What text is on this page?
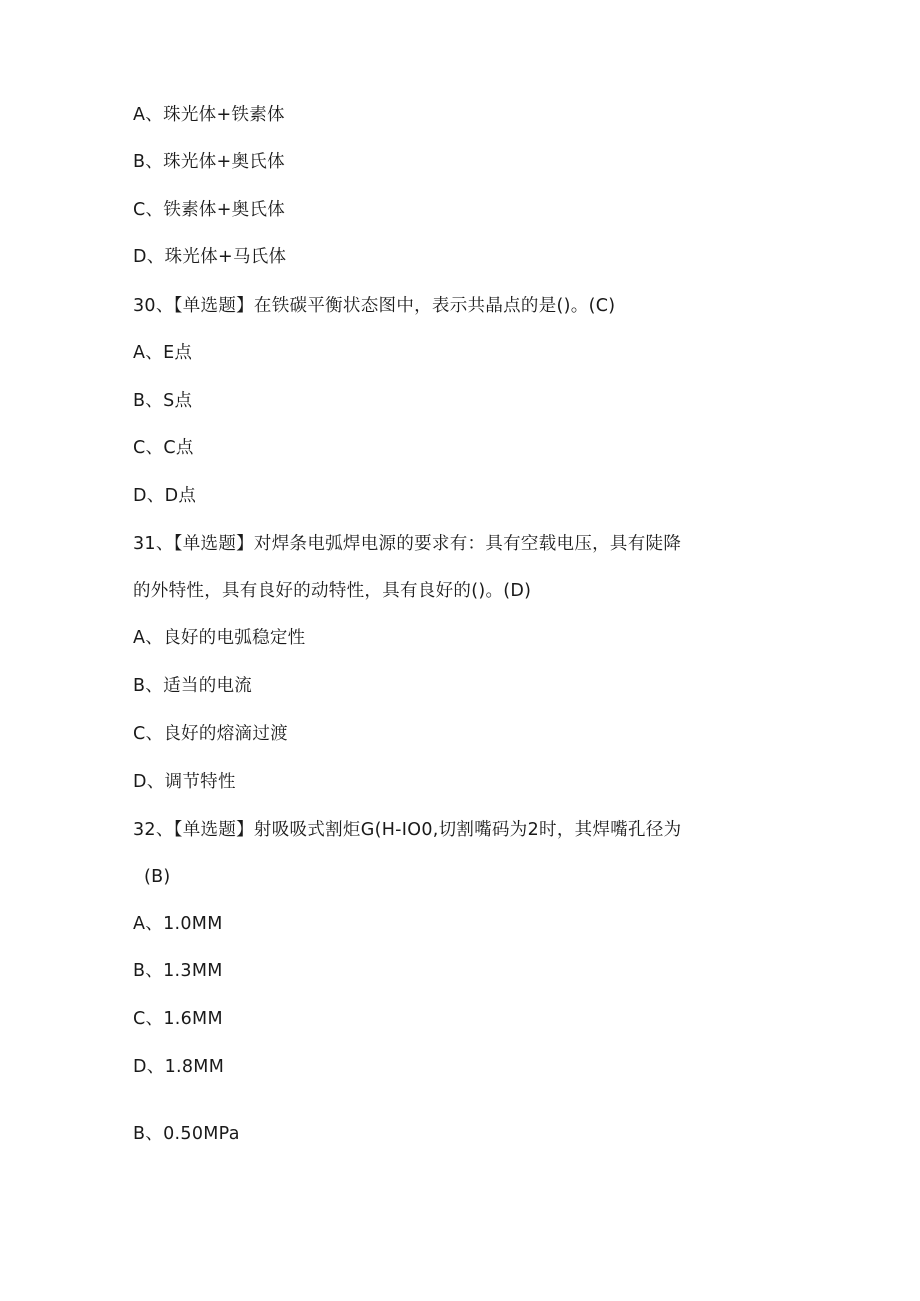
A、珠光体+铁素体
B、珠光体+奥氏体
C、铁素体+奥氏体
D、珠光体+马氏体
30、【单选题】在铁碳平衡状态图中，表示共晶点的是()。(C)
A、E点
B、S点
C、C点
D、D点
31、【单选题】对焊条电弧焊电源的要求有：具有空载电压，具有陡降
的外特性，具有良好的动特性，具有良好的()。(D)
A、良好的电弧稳定性
B、适当的电流
C、良好的熔滴过渡
D、调节特性
32、【单选题】射吸吸式割炬G(H-IO0,切割嘴码为2时，其焊嘴孔径为
(B)
A、1.0MM
B、1.3MM
C、1.6MM
D、1.8MM
B、0.50MPa
